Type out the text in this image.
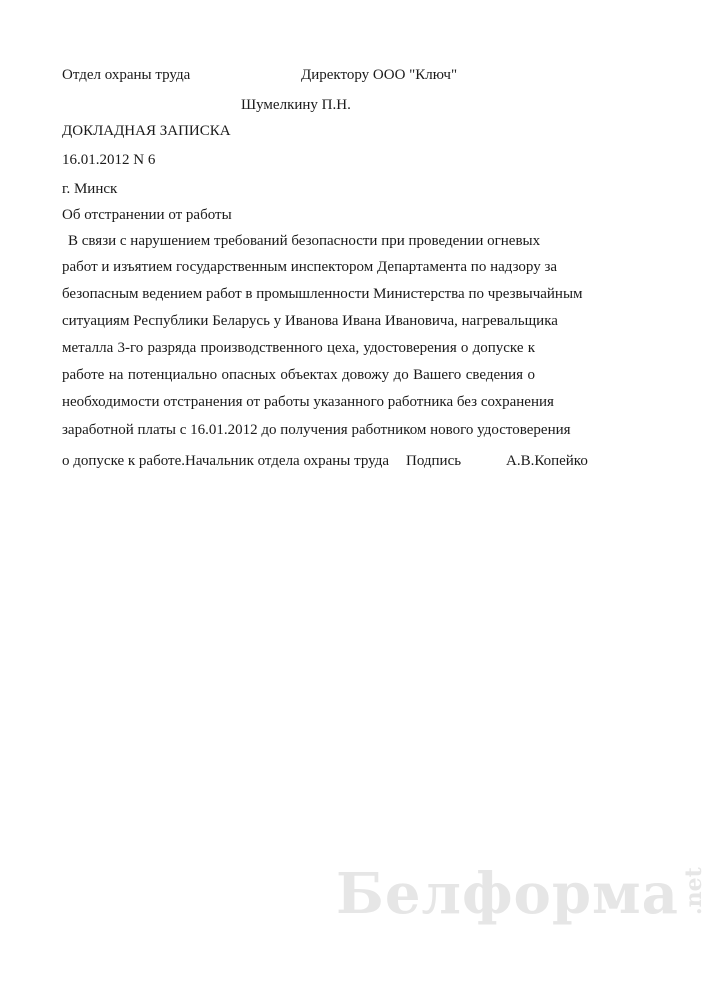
Отдел охраны труда	Директору ООО "Ключ"
Шумелкину П.Н.
ДОКЛАДНАЯ ЗАПИСКА
16.01.2012 N 6
г. Минск
Об отстранении от работы
В связи с нарушением требований безопасности при проведении огневых
работ и изъятием государственным инспектором Департамента по надзору за
безопасным ведением работ в промышленности Министерства по чрезвычайным
ситуациям Республики Беларусь у Иванова Ивана Ивановича, нагревальщика
металла 3-го разряда производственного цеха, удостоверения о допуске к
работе на потенциально опасных объектах довожу до Вашего сведения о
необходимости отстранения от работы указанного работника без сохранения
заработной платы с 16.01.2012 до получения работником нового удостоверения
о допуске к работе.Начальник отдела охраны труда Подпись	А.В.Копейко
Белформа.net
